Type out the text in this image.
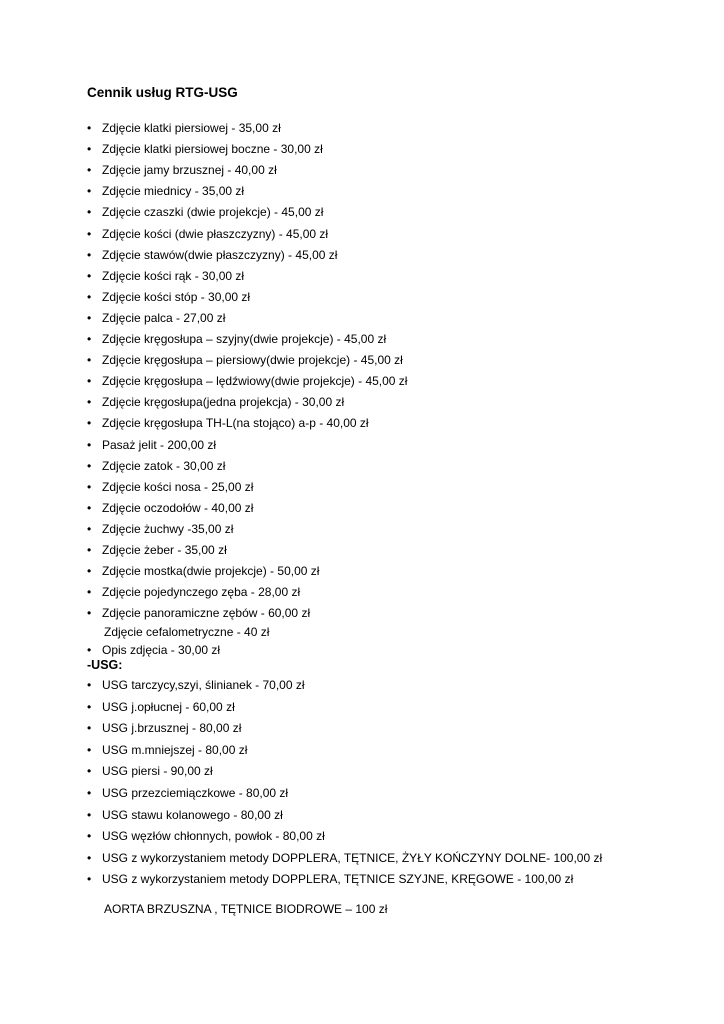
Cennik usług RTG-USG
• Zdjęcie klatki piersiowej - 35,00 zł
• Zdjęcie klatki piersiowej boczne - 30,00 zł
• Zdjęcie jamy brzusznej - 40,00 zł
• Zdjęcie miednicy - 35,00 zł
• Zdjęcie czaszki (dwie projekcje) - 45,00 zł
• Zdjęcie kości (dwie płaszczyzny) - 45,00 zł
• Zdjęcie stawów(dwie płaszczyzny) - 45,00 zł
• Zdjęcie kości rąk - 30,00 zł
• Zdjęcie kości stóp - 30,00 zł
• Zdjęcie palca - 27,00 zł
• Zdjęcie kręgosłupa – szyjny(dwie projekcje) - 45,00 zł
• Zdjęcie kręgosłupa – piersiowy(dwie projekcje) - 45,00 zł
• Zdjęcie kręgosłupa – lędźwiowy(dwie projekcje) - 45,00 zł
• Zdjęcie kręgosłupa(jedna projekcja) - 30,00 zł
• Zdjęcie kręgosłupa TH-L(na stojąco) a-p - 40,00 zł
• Pasaż jelit - 200,00 zł
• Zdjęcie zatok - 30,00 zł
• Zdjęcie kości nosa - 25,00 zł
• Zdjęcie oczodołów - 40,00 zł
• Zdjęcie żuchwy -35,00 zł
• Zdjęcie żeber - 35,00 zł
• Zdjęcie mostka(dwie projekcje) - 50,00 zł
• Zdjęcie pojedynczego zęba - 28,00 zł
• Zdjęcie panoramiczne zębów - 60,00 zł
Zdjęcie cefalometryczne - 40 zł
• Opis zdjęcia - 30,00 zł
-USG:
• USG tarczycy,szyi, ślinianek - 70,00 zł
• USG j.opłucnej - 60,00 zł
• USG j.brzusznej - 80,00 zł
• USG m.mniejszej - 80,00 zł
• USG piersi - 90,00 zł
• USG przezciemiączkowe - 80,00 zł
• USG stawu kolanowego - 80,00 zł
• USG węzłów chłonnych, powłok - 80,00 zł
• USG z wykorzystaniem metody DOPPLERA, TĘTNICE, ŻYŁY KOŃCZYNY DOLNE- 100,00 zł
• USG z wykorzystaniem metody DOPPLERA, TĘTNICE SZYJNE, KRĘGOWE - 100,00 zł
AORTA BRZUSZNA , TĘTNICE BIODROWE – 100 zł
